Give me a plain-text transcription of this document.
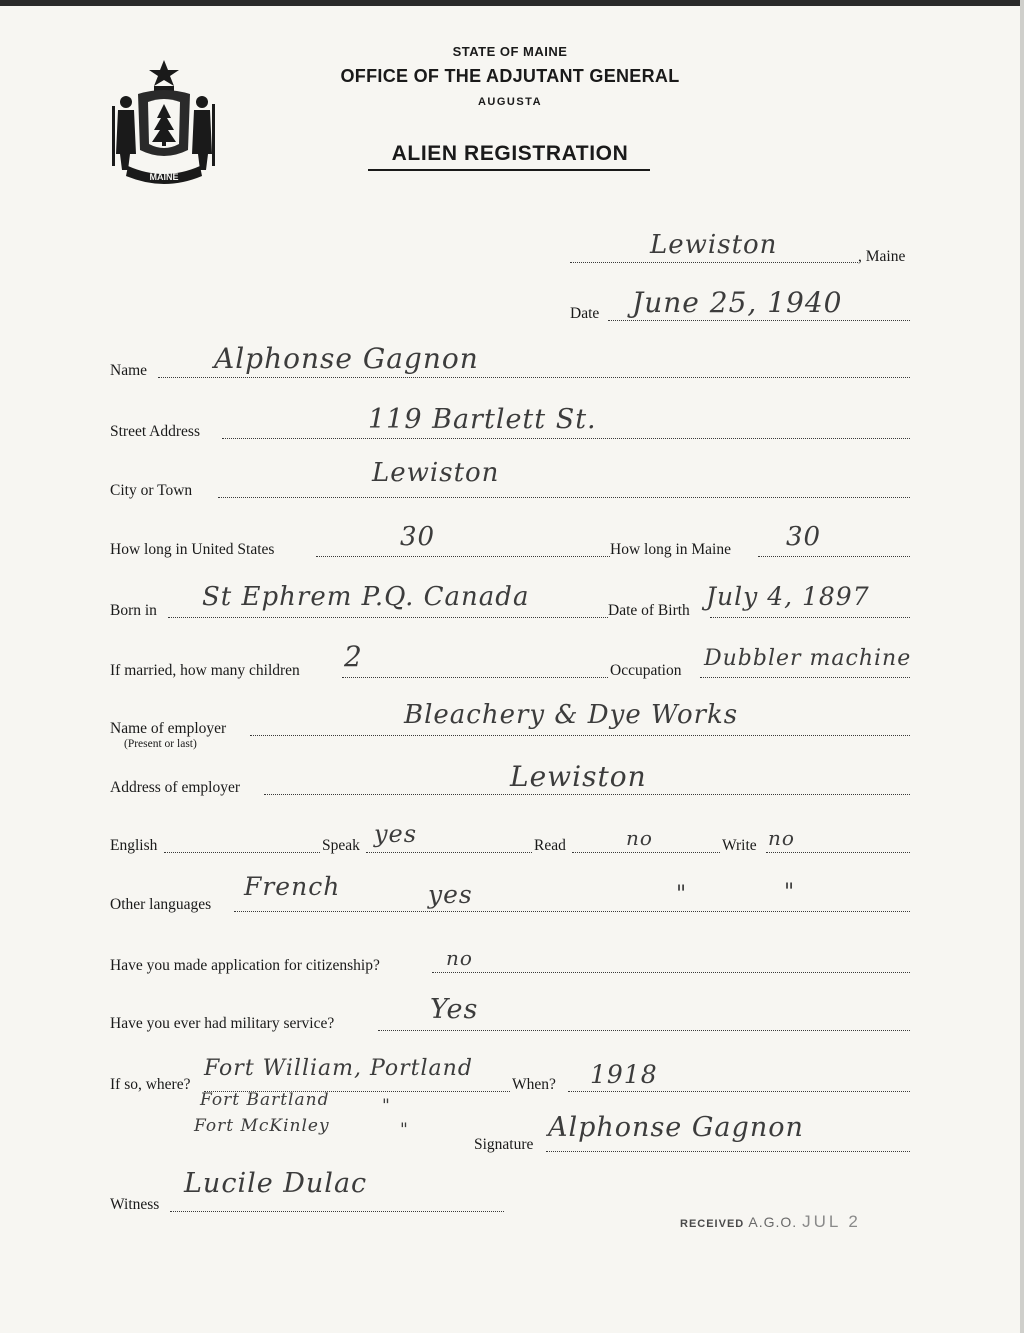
MAINE
STATE OF MAINE
OFFICE OF THE ADJUTANT GENERAL
AUGUSTA
ALIEN REGISTRATION
Lewiston	, Maine
Date June 25, 1940
Name Alphonse Gagnon
Street Address	119 Bartlett St.
City or Town
Lewiston
How long in United States	30	How long in Maine 30
Born in St Ephrem P.Q. Canada	Date of Birth July 4, 1897
If married, how many children 2	Occupation Dubbler machine
Name of employer
(Present or last)
Bleachery & Dye Works
Address of employer	Lewiston
English	Speak yes	Read	no	Write no
Other languages
French	yes	"	"
Have you made application for citizenship?	no
Have you ever had military service?	Yes
If so, where?
Fort William, Portland
Fort Bartland	"
Fort McKinley	"
When? 1918
Signature
Alphonse Gagnon
Witness
Lucile Dulac
RECEIVED A.G.O. JUL 2
